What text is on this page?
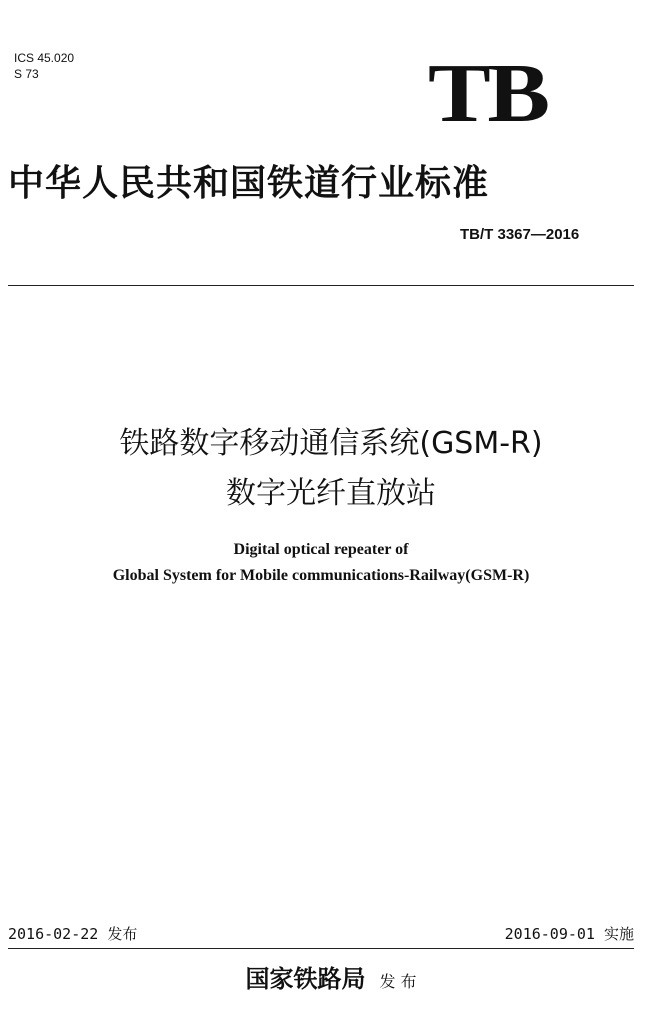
ICS 45.020
S 73	TB
中华人民共和国铁道行业标准
TB/T 3367—2016
铁路数字移动通信系统(GSM-R)
数字光纤直放站
Digital optical repeater of
Global System for Mobile communications-Railway(GSM-R)
2016-02-22 发布	2016-09-01 实施
国家铁路局 发 布
